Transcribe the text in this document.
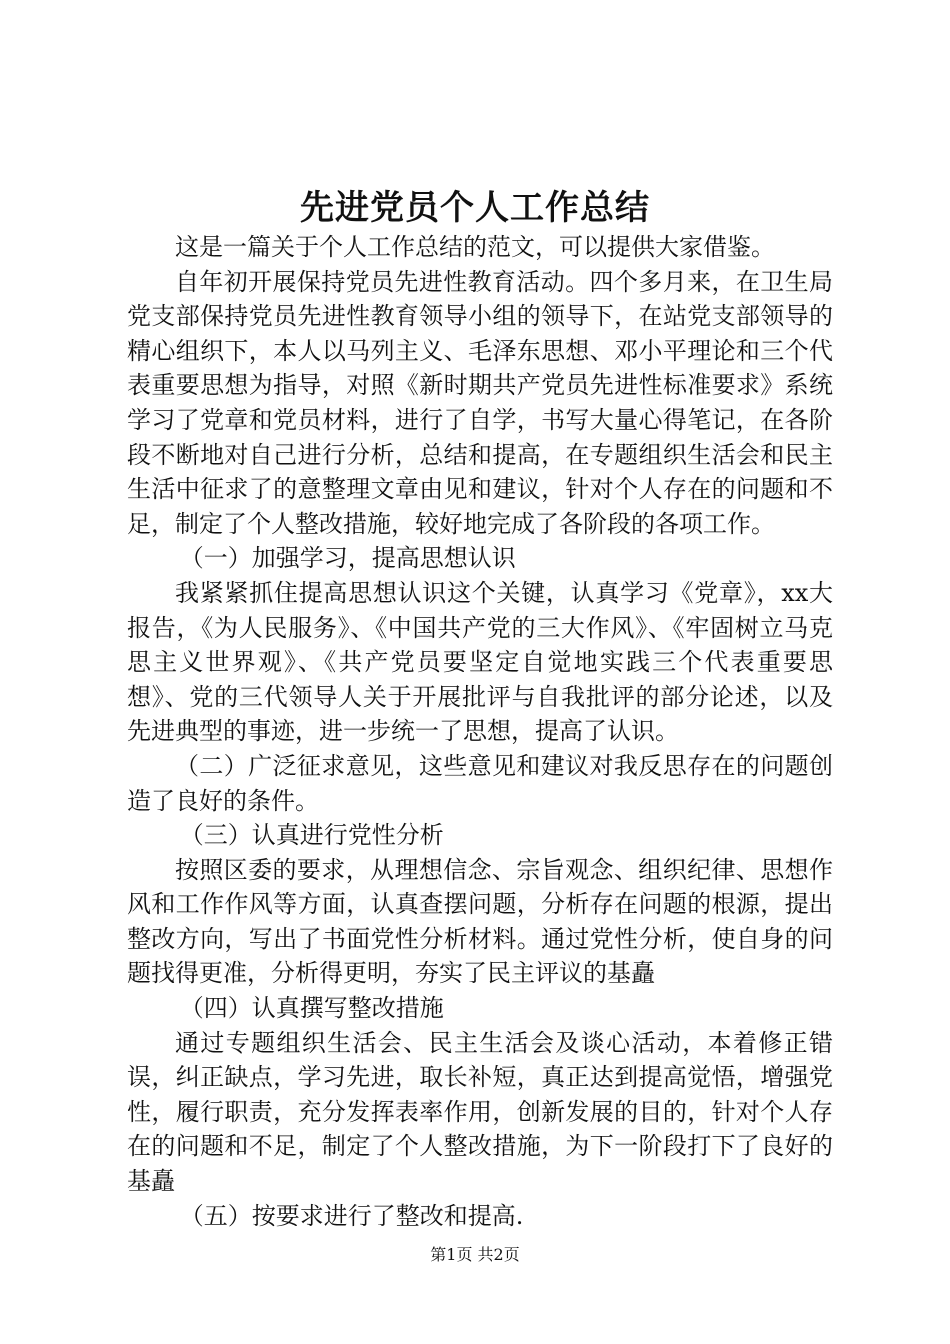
先进党员个人工作总结

这是一篇关于个人工作总结的范文，可以提供大家借鉴。

自年初开展保持党员先进性教育活动。四个多月来，在卫生局党支部保持党员先进性教育领导小组的领导下，在站党支部领导的精心组织下，本人以马列主义、毛泽东思想、邓小平理论和三个代表重要思想为指导，对照《新时期共产党员先进性标准要求》系统学习了党章和党员材料，进行了自学，书写大量心得笔记，在各阶段不断地对自己进行分析，总结和提高，在专题组织生活会和民主生活中征求了的意整理文章由见和建议，针对个人存在的问题和不足，制定了个人整改措施，较好地完成了各阶段的各项工作。

（一）加强学习，提高思想认识

我紧紧抓住提高思想认识这个关键，认真学习《党章》，xx大报告，《为人民服务》、《中国共产党的三大作风》、《牢固树立马克思主义世界观》、《共产党员要坚定自觉地实践三个代表重要思想》、党的三代领导人关于开展批评与自我批评的部分论述，以及先进典型的事迹，进一步统一了思想，提高了认识。

（二）广泛征求意见，这些意见和建议对我反思存在的问题创造了良好的条件。

（三）认真进行党性分析

按照区委的要求，从理想信念、宗旨观念、组织纪律、思想作风和工作作风等方面，认真查摆问题，分析存在问题的根源，提出整改方向，写出了书面党性分析材料。通过党性分析，使自身的问题找得更准，分析得更明，夯实了民主评议的基矗

（四）认真撰写整改措施

通过专题组织生活会、民主生活会及谈心活动，本着修正错误，纠正缺点，学习先进，取长补短，真正达到提高觉悟，增强党性，履行职责，充分发挥表率作用，创新发展的目的，针对个人存在的问题和不足，制定了个人整改措施，为下一阶段打下了良好的基矗

（五）按要求进行了整改和提高.

第1页 共2页
